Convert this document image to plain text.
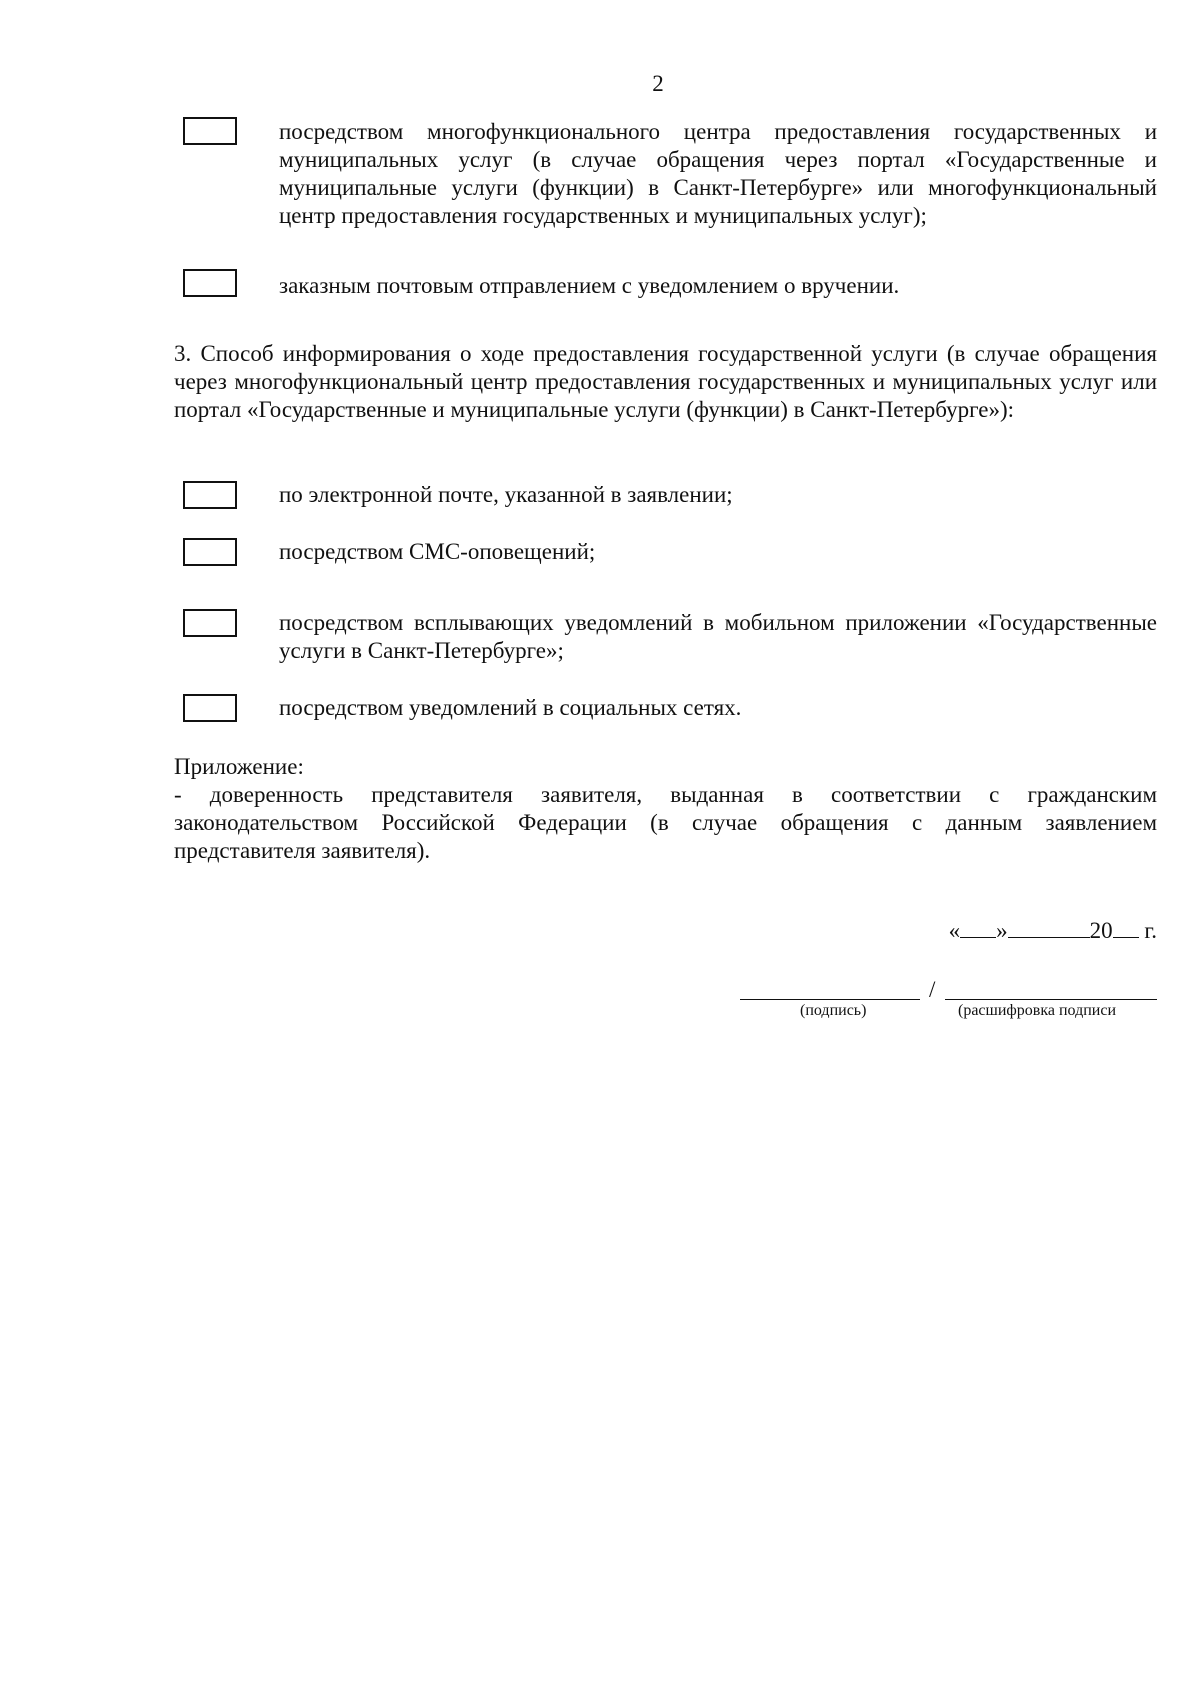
2
посредством многофункционального центра предоставления государственных и муниципальных услуг (в случае обращения через портал «Государственные и муниципальные услуги (функции) в Санкт-Петербурге» или многофункциональный центр предоставления государственных и муниципальных услуг);
заказным почтовым отправлением с уведомлением о вручении.
3. Способ информирования о ходе предоставления государственной услуги (в случае обращения через многофункциональный центр предоставления государственных и муниципальных услуг или портал «Государственные и муниципальные услуги (функции) в Санкт-Петербурге»):
по электронной почте, указанной в заявлении;
посредством СМС-оповещений;
посредством всплывающих уведомлений в мобильном приложении «Государственные услуги в Санкт-Петербурге»;
посредством уведомлений в социальных сетях.
Приложение:
- доверенность представителя заявителя, выданная в соответствии с гражданским законодательством Российской Федерации (в случае обращения с данным заявлением представителя заявителя).
« »	20 г.
/
(подпись)	(расшифровка подписи
